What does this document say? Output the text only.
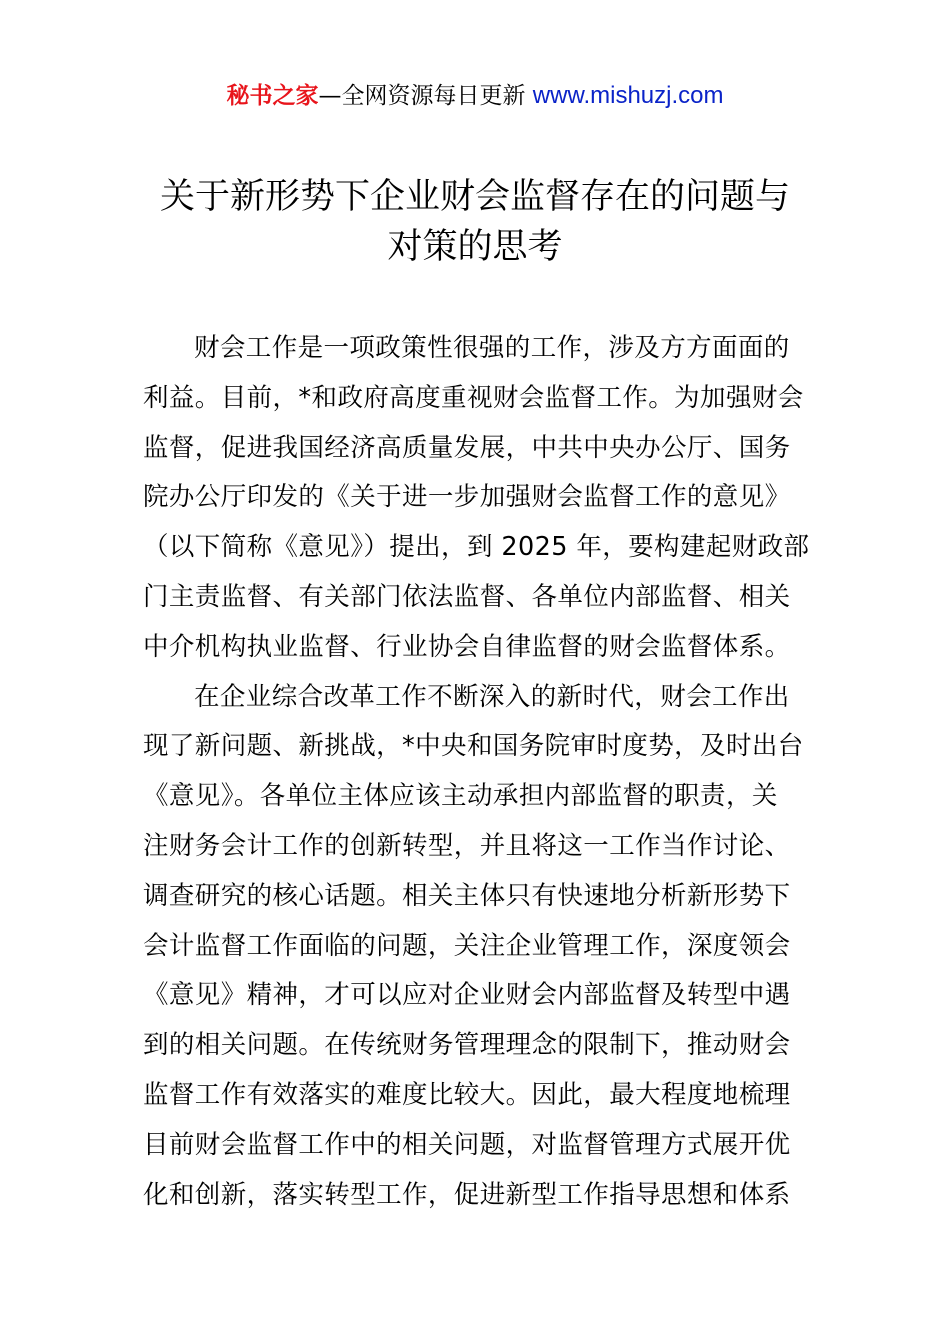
秘书之家—全网资源每日更新 www.mishuzj.com
关于新形势下企业财会监督存在的问题与
对策的思考
财会工作是一项政策性很强的工作，涉及方方面面的
利益。目前，*和政府高度重视财会监督工作。为加强财会
监督，促进我国经济高质量发展，中共中央办公厅、国务
院办公厅印发的《关于进一步加强财会监督工作的意见》
（以下简称《意见》）提出，到 2025 年，要构建起财政部
门主责监督、有关部门依法监督、各单位内部监督、相关
中介机构执业监督、行业协会自律监督的财会监督体系。
在企业综合改革工作不断深入的新时代，财会工作出
现了新问题、新挑战，*中央和国务院审时度势，及时出台
《意见》。各单位主体应该主动承担内部监督的职责，关
注财务会计工作的创新转型，并且将这一工作当作讨论、
调查研究的核心话题。相关主体只有快速地分析新形势下
会计监督工作面临的问题，关注企业管理工作，深度领会
《意见》精神，才可以应对企业财会内部监督及转型中遇
到的相关问题。在传统财务管理理念的限制下，推动财会
监督工作有效落实的难度比较大。因此，最大程度地梳理
目前财会监督工作中的相关问题，对监督管理方式展开优
化和创新，落实转型工作，促进新型工作指导思想和体系
